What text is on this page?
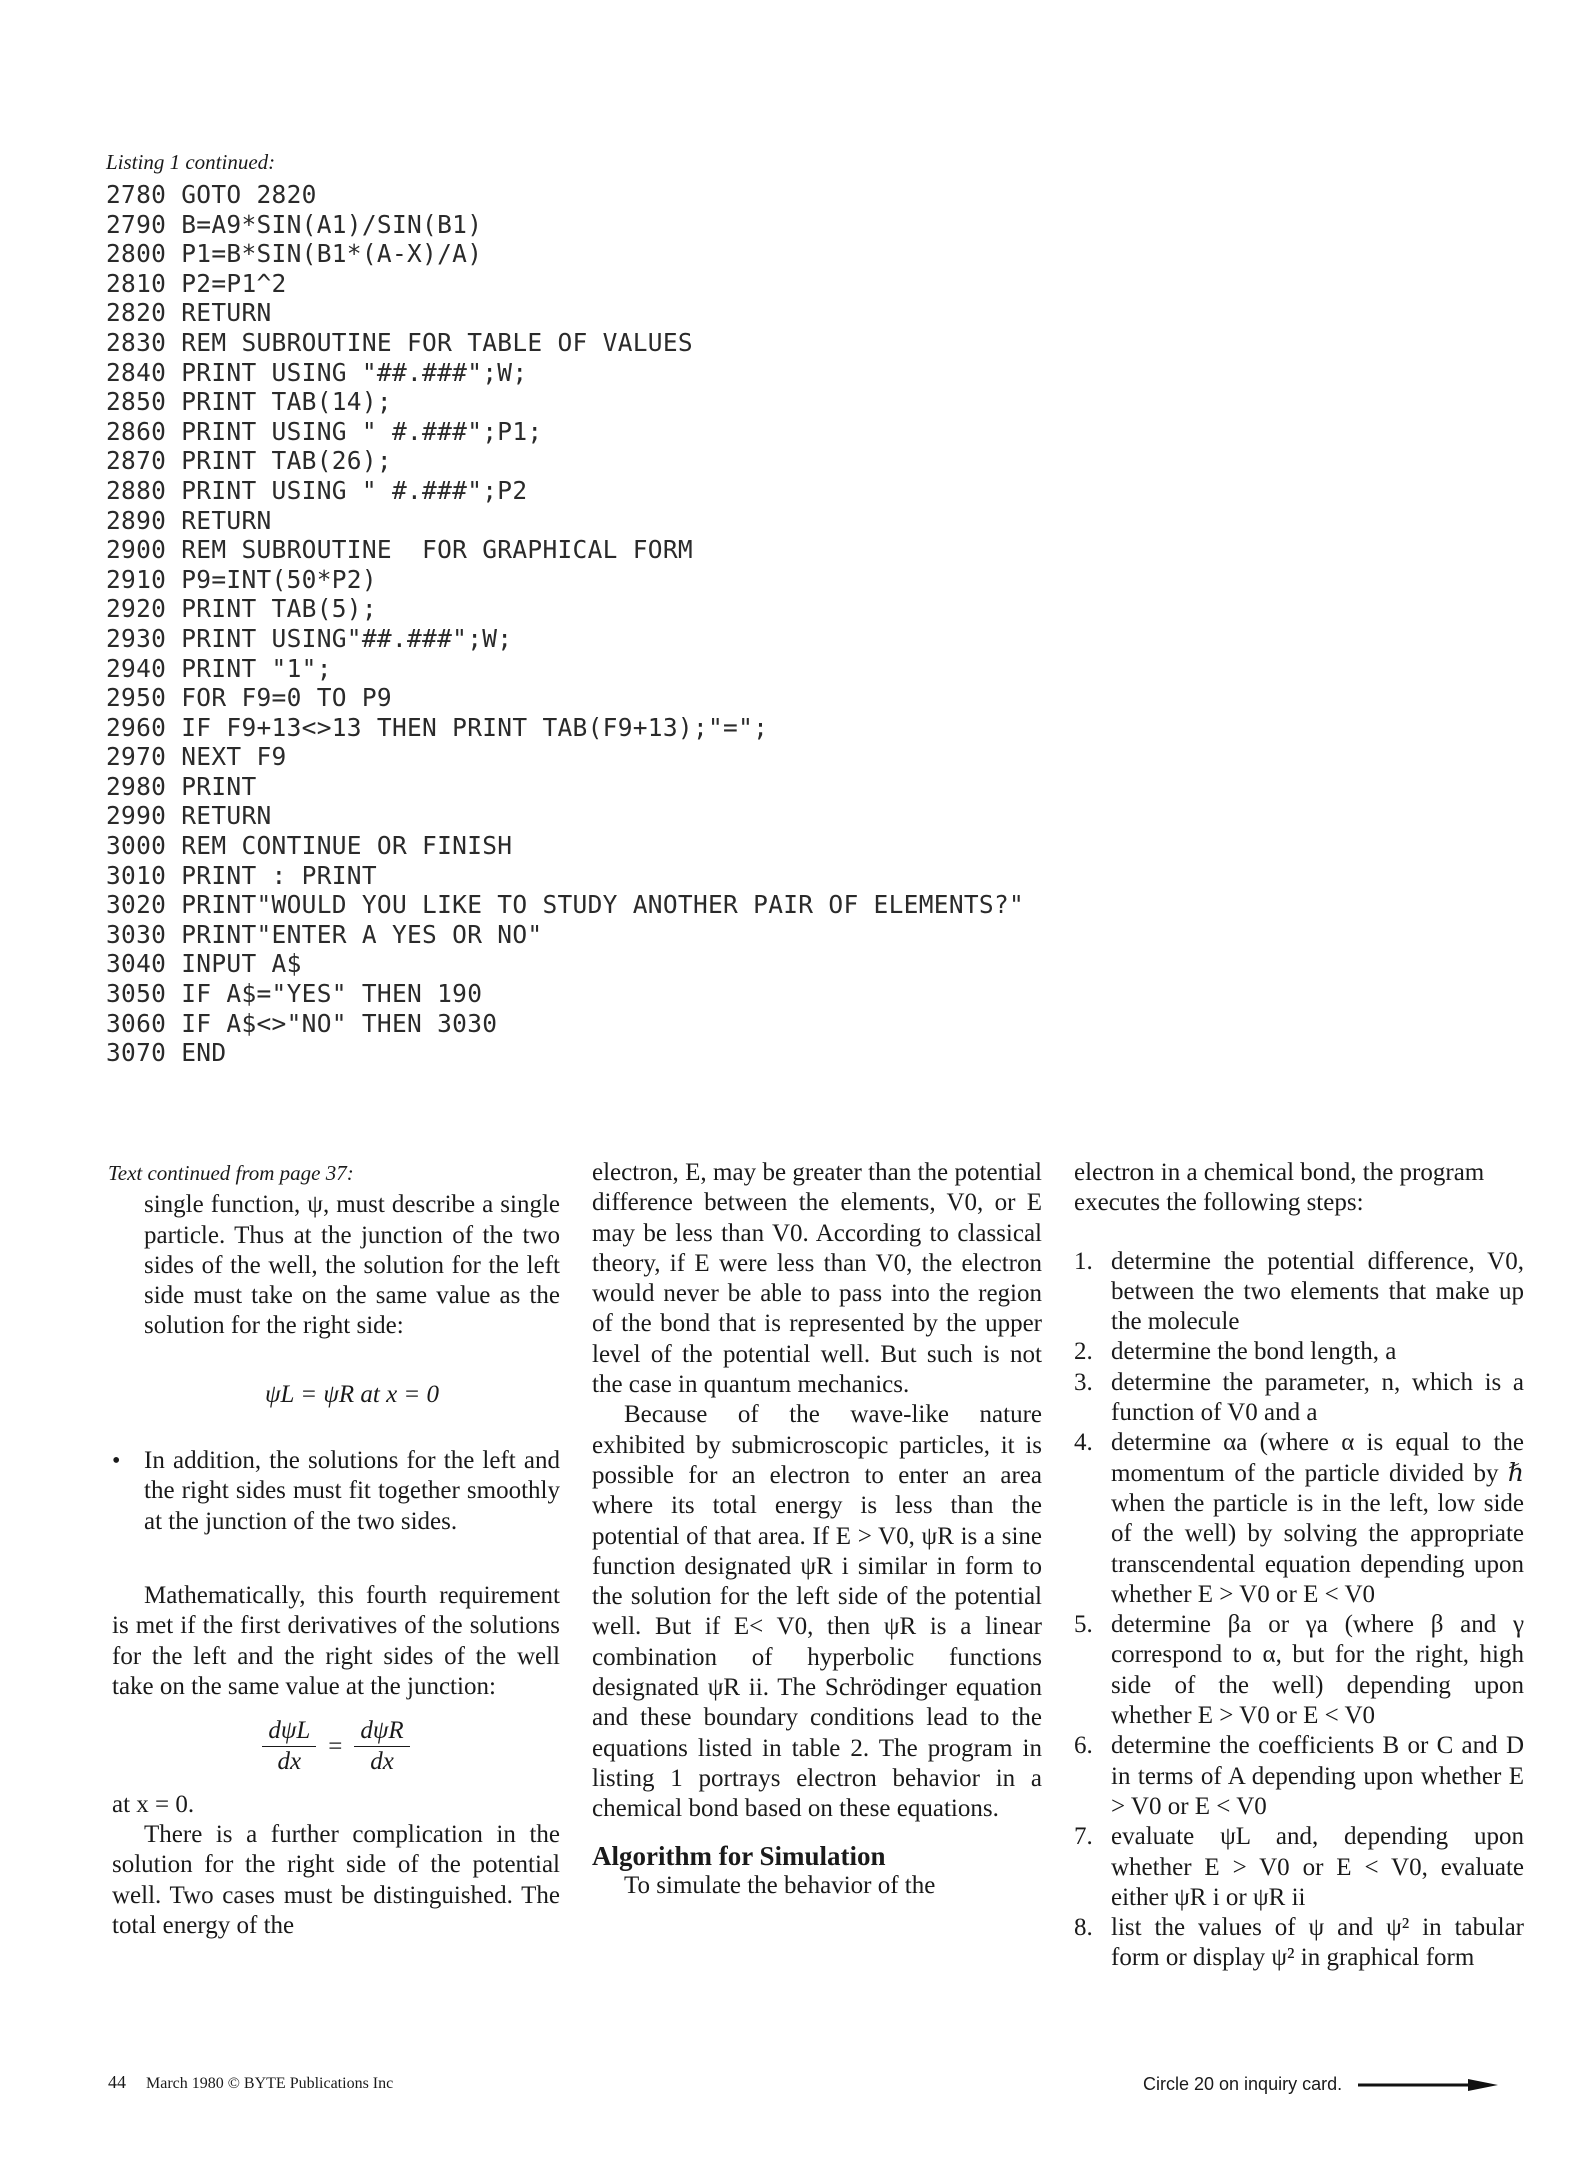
Listing 1 continued:
2780 GOTO 2820
2790 B=A9*SIN(A1)/SIN(B1)
2800 P1=B*SIN(B1*(A-X)/A)
2810 P2=P1^2
2820 RETURN
2830 REM SUBROUTINE FOR TABLE OF VALUES
2840 PRINT USING "##.###";W;
2850 PRINT TAB(14);
2860 PRINT USING " #.###";P1;
2870 PRINT TAB(26);
2880 PRINT USING " #.###";P2
2890 RETURN
2900 REM SUBROUTINE  FOR GRAPHICAL FORM
2910 P9=INT(50*P2)
2920 PRINT TAB(5);
2930 PRINT USING"##.###";W;
2940 PRINT "1";
2950 FOR F9=0 TO P9
2960 IF F9+13<>13 THEN PRINT TAB(F9+13);"=";
2970 NEXT F9
2980 PRINT
2990 RETURN
3000 REM CONTINUE OR FINISH
3010 PRINT : PRINT
3020 PRINT"WOULD YOU LIKE TO STUDY ANOTHER PAIR OF ELEMENTS?"
3030 PRINT"ENTER A YES OR NO"
3040 INPUT A$
3050 IF A$="YES" THEN 190
3060 IF A$<>"NO" THEN 3030
3070 END
Text continued from page 37:

single function, ψ, must describe a single particle. Thus at the junction of the two sides of the well, the solution for the left side must take on the same value as the solution for the right side:

ψL = ψR at x = 0
• In addition, the solutions for the left and the right sides must fit together smoothly at the junction of the two sides.

Mathematically, this fourth requirement is met if the first derivatives of the solutions for the left and the right sides of the well take on the same value at the junction:

$\frac{\text{dψL}}{dx} = \frac{\text{dψR}}{dx}$

at x = 0.

There is a further complication in the solution for the right side of the potential well. Two cases must be distinguished. The total energy of the

electron, E, may be greater than the potential difference between the elements, V0, or E may be less than V0. According to classical theory, if E were less than V0, the electron would never be able to pass into the region of the bond that is represented by the upper level of the potential well. But such is not the case in quantum mechanics.

Because of the wave-like nature exhibited by submicroscopic particles, it is possible for an electron to enter an area where its total energy is less than the potential of that area. If E > V0, ψR is a sine function designated ψR i similar in form to the solution for the left side of the potential well. But if E< V0, then ψR is a linear combination of hyperbolic functions designated ψR ii. The Schrödinger equation and these boundary conditions lead to the equations listed in table 2. The program in listing 1 portrays electron behavior in a chemical bond based on these equations.

Algorithm for Simulation

To simulate the behavior of the

electron in a chemical bond, the program executes the following steps:

1. determine the potential difference, V0, between the two elements that make up the molecule
2. determine the bond length, a
3. determine the parameter, n, which is a function of V0 and a
4. determine αa (where α is equal to the momentum of the particle divided by ℏ when the particle is in the left, low side of the well) by solving the appropriate transcendental equation depending upon whether E > V0 or E < V0
5. determine βa or γa (where β and γ correspond to α, but for the right, high side of the well) depending upon whether E > V0 or E < V0
6. determine the coefficients B or C and D in terms of A depending upon whether E > V0 or E < V0
7. evaluate ψL and, depending upon whether E > V0 or E < V0, evaluate either ψR i or ψR ii
8. list the values of ψ and ψ² in tabular form or display ψ² in graphical form
44 March 1980 © BYTE Publications Inc	Circle 20 on inquiry card.
